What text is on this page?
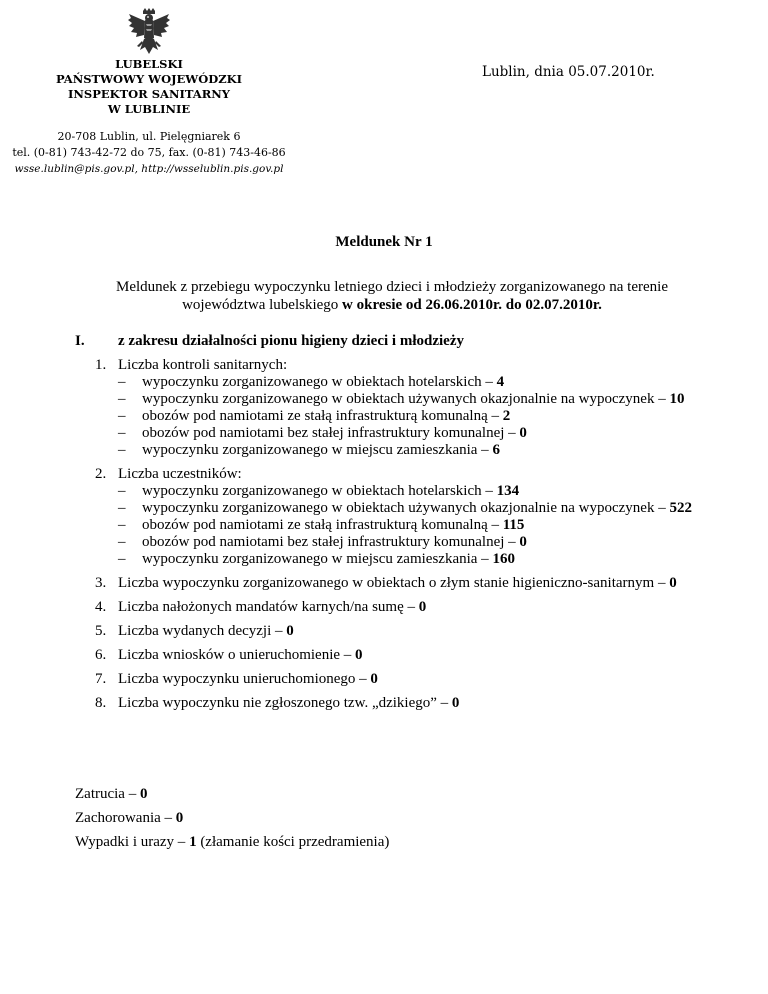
LUBELSKI
PAŃSTWOWY WOJEWÓDZKI
INSPEKTOR SANITARNY
W LUBLINIE
Lublin, dnia 05.07.2010r.
20-708 Lublin, ul. Pielęgniarek 6
tel. (0-81) 743-42-72 do 75, fax. (0-81) 743-46-86
wsse.lublin@pis.gov.pl, http://wsselublin.pis.gov.pl
Meldunek Nr 1
Meldunek z przebiegu wypoczynku letniego dzieci i młodzieży zorganizowanego na terenie województwa lubelskiego w okresie od 26.06.2010r. do 02.07.2010r.
I. z zakresu działalności pionu higieny dzieci i młodzieży
1. Liczba kontroli sanitarnych:
– wypoczynku zorganizowanego w obiektach hotelarskich – 4
– wypoczynku zorganizowanego w obiektach używanych okazjonalnie na wypoczynek – 10
– obozów pod namiotami ze stałą infrastrukturą komunalną – 2
– obozów pod namiotami bez stałej infrastruktury komunalnej – 0
– wypoczynku zorganizowanego w miejscu zamieszkania – 6
2. Liczba uczestników:
– wypoczynku zorganizowanego w obiektach hotelarskich – 134
– wypoczynku zorganizowanego w obiektach używanych okazjonalnie na wypoczynek – 522
– obozów pod namiotami ze stałą infrastrukturą komunalną – 115
– obozów pod namiotami bez stałej infrastruktury komunalnej – 0
– wypoczynku zorganizowanego w miejscu zamieszkania – 160
3. Liczba wypoczynku zorganizowanego w obiektach o złym stanie higieniczno-sanitarnym – 0
4. Liczba nałożonych mandatów karnych/na sumę – 0
5. Liczba wydanych decyzji – 0
6. Liczba wniosków o unieruchomienie – 0
7. Liczba wypoczynku unieruchomionego – 0
8. Liczba wypoczynku nie zgłoszonego tzw. „dzikiego” – 0
Zatrucia – 0
Zachorowania – 0
Wypadki i urazy – 1 (złamanie kości przedramienia)
